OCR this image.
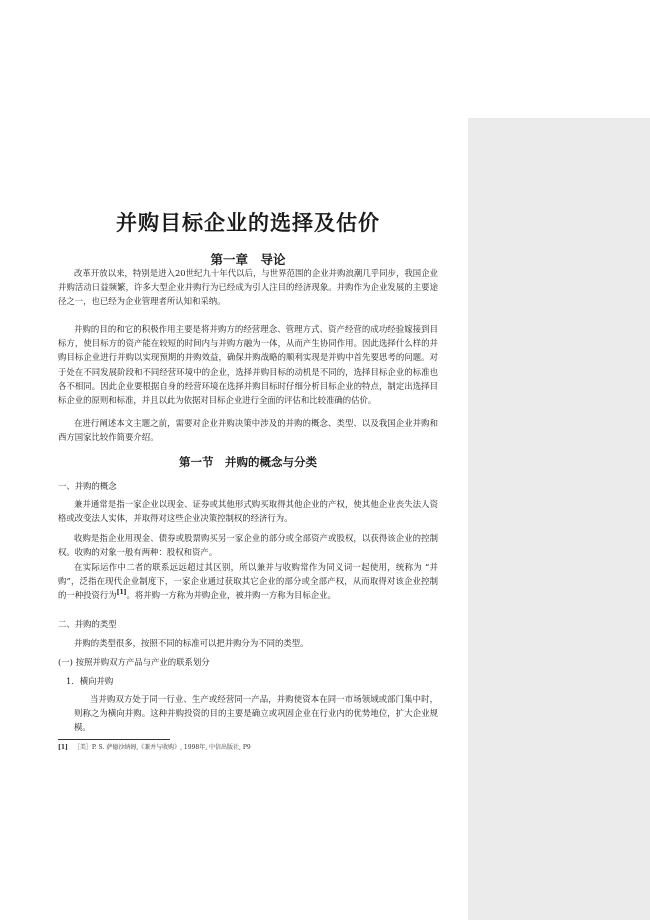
并购目标企业的选择及估价
第一章　导论

改革开放以来，特别是进入20世纪九十年代以后，与世界范围的企业并购浪潮几乎同步，我国企业并购活动日益频繁，许多大型企业并购行为已经成为引人注目的经济现象。并购作为企业发展的主要途径之一，也已经为企业管理者所认知和采纳。

并购的目的和它的积极作用主要是将并购方的经营理念、管理方式、资产经营的成功经验嫁接到目标方，使目标方的资产能在较短的时间内与并购方融为一体，从而产生协同作用。因此选择什么样的并购目标企业进行并购以实现预期的并购效益，确保并购战略的顺利实现是并购中首先要思考的问题。对于处在不同发展阶段和不同经营环境中的企业，选择并购目标的动机是不同的，选择目标企业的标准也各不相同。因此企业要根据自身的经营环境在选择并购目标时仔细分析目标企业的特点，制定出选择目标企业的原则和标准，并且以此为依据对目标企业进行全面的评估和比较准确的估价。

在进行阐述本文主题之前，需要对企业并购决策中涉及的并购的概念、类型、以及我国企业并购和西方国家比较作简要介绍。

第一节　并购的概念与分类

一、并购的概念

兼并通常是指一家企业以现金、证券或其他形式购买取得其他企业的产权，使其他企业丧失法人资格或改变法人实体，并取得对这些企业决策控制权的经济行为。

收购是指企业用现金、债券或股票购买另一家企业的部分或全部资产或股权，以获得该企业的控制权。收购的对象一般有两种：股权和资产。

在实际运作中二者的联系远远超过其区别，所以兼并与收购常作为同义词一起使用，统称为 “并购”，泛指在现代企业制度下，一家企业通过获取其它企业的部分或全部产权，从而取得对该企业控制的一种投资行为[1]。将并购一方称为并购企业，被并购一方称为目标企业。

二、并购的类型

并购的类型很多，按照不同的标准可以把并购分为不同的类型。

(一) 按照并购双方产品与产业的联系划分

1．横向并购

当并购双方处于同一行业、生产或经营同一产品，并购使资本在同一市场领域或部门集中时，则称之为横向并购。这种并购投资的目的主要是确立或巩固企业在行业内的优势地位，扩大企业规模。

[1] ［美］P. S. 萨德沙纳姆,《兼并与收购》, 1998年, 中信出版社, P9
